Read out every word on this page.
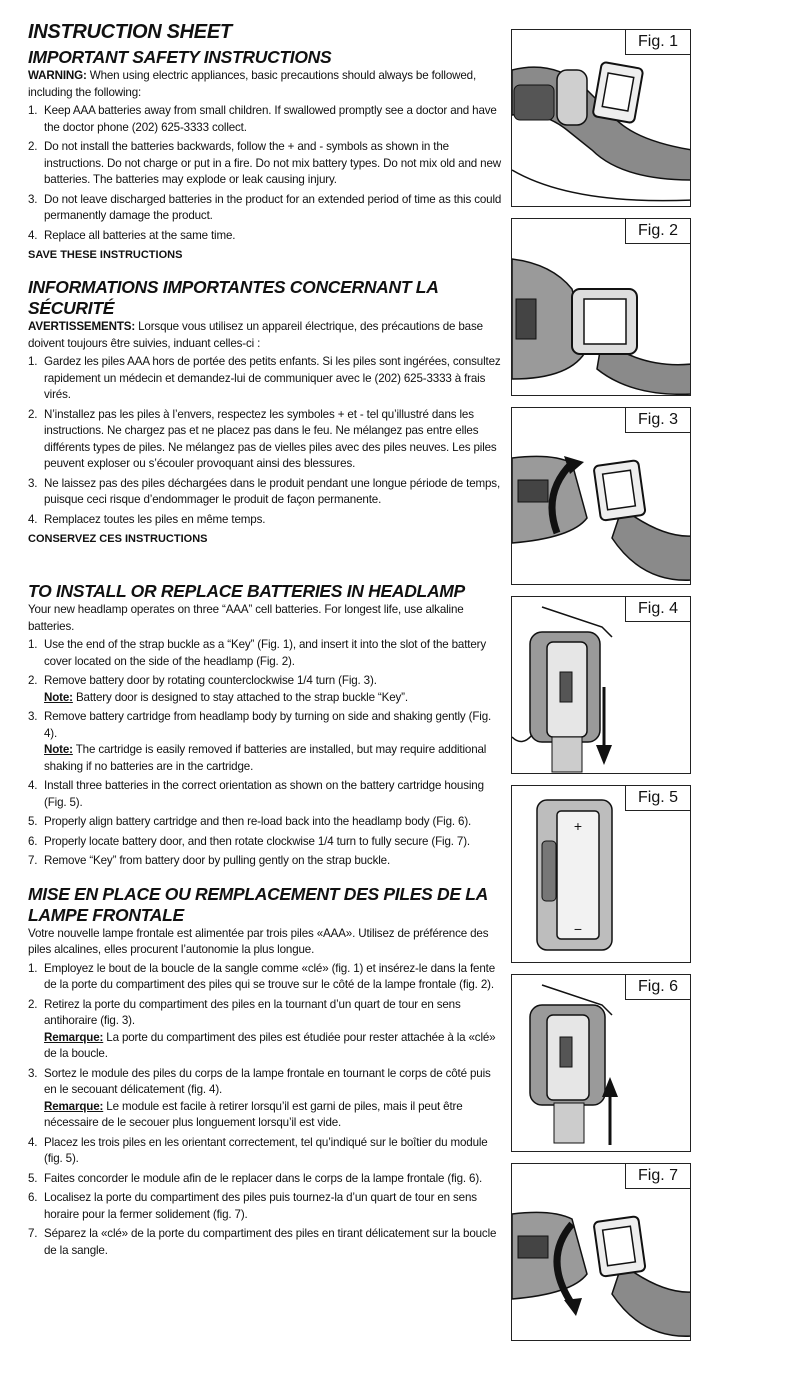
INSTRUCTION SHEET
IMPORTANT SAFETY INSTRUCTIONS

WARNING: When using electric appliances, basic precautions should always be followed, including the following:

1. Keep AAA batteries away from small children. If swallowed promptly see a doctor and have the doctor phone (202) 625-3333 collect.
2. Do not install the batteries backwards, follow the + and - symbols as shown in the instructions. Do not charge or put in a fire. Do not mix battery types. Do not mix old and new batteries. The batteries may explode or leak causing injury.
3. Do not leave discharged batteries in the product for an extended period of time as this could permanently damage the product.
4. Replace all batteries at the same time.
SAVE THESE INSTRUCTIONS
INFORMATIONS IMPORTANTES CONCERNANT LA SÉCURITÉ

AVERTISSEMENTS: Lorsque vous utilisez un appareil électrique, des précautions de base doivent toujours être suivies, induant celles-ci :

1. Gardez les piles AAA hors de portée des petits enfants. Si les piles sont ingérées, consultez rapidement un médecin et demandez-lui de communiquer avec le (202) 625-3333 à frais virés.
2. N’installez pas les piles à l’envers, respectez les symboles + et - tel qu’illustré dans les instructions. Ne chargez pas et ne placez pas dans le feu. Ne mélangez pas entre elles différents types de piles. Ne mélangez pas de vielles piles avec des piles neuves. Les piles peuvent exploser ou s’écouler provoquant ainsi des blessures.
3. Ne laissez pas des piles déchargées dans le produit pendant une longue période de temps, puisque ceci risque d’endommager le produit de façon permanente.
4. Remplacez toutes les piles en même temps.
CONSERVEZ CES INSTRUCTIONS
TO INSTALL OR REPLACE BATTERIES IN HEADLAMP

Your new headlamp operates on three “AAA” cell batteries. For longest life, use alkaline batteries.

1. Use the end of the strap buckle as a “Key” (Fig. 1), and insert it into the slot of the battery cover located on the side of the headlamp (Fig. 2).
2. Remove battery door by rotating counterclockwise 1/4 turn (Fig. 3).
Note: Battery door is designed to stay attached to the strap buckle “Key”.
3. Remove battery cartridge from headlamp body by turning on side and shaking gently (Fig. 4).
Note: The cartridge is easily removed if batteries are installed, but may require additional shaking if no batteries are in the cartridge.
4. Install three batteries in the correct orientation as shown on the battery cartridge housing (Fig. 5).
5. Properly align battery cartridge and then re-load back into the headlamp body (Fig. 6).
6. Properly locate battery door, and then rotate clockwise 1/4 turn to fully secure (Fig. 7).
7. Remove “Key” from battery door by pulling gently on the strap buckle.
MISE EN PLACE OU REMPLACEMENT DES PILES DE LA
LAMPE FRONTALE

Votre nouvelle lampe frontale est alimentée par trois piles «AAA». Utilisez de préférence des piles alcalines, elles procurent l’autonomie la plus longue.

1. Employez le bout de la boucle de la sangle comme «clé» (fig. 1) et insérez-le dans la fente de la porte du compartiment des piles qui se trouve sur le côté de la lampe frontale (fig. 2).
2. Retirez la porte du compartiment des piles en la tournant d’un quart de tour en sens antihoraire (fig. 3).
Remarque: La porte du compartiment des piles est étudiée pour rester attachée à la «clé» de la boucle.
3. Sortez le module des piles du corps de la lampe frontale en tournant le corps de côté puis en le secouant délicatement (fig. 4).
Remarque: Le module est facile à retirer lorsqu’il est garni de piles, mais il peut être nécessaire de le secouer plus longuement lorsqu’il est vide.
4. Placez les trois piles en les orientant correctement, tel qu’indiqué sur le boîtier du module (fig. 5).
5. Faites concorder le module afin de le replacer dans le corps de la lampe frontale (fig. 6).
6. Localisez la porte du compartiment des piles puis tournez-la d’un quart de tour en sens horaire pour la fermer solidement (fig. 7).
7. Séparez la «clé» de la porte du compartiment des piles en tirant délicatement sur la boucle de la sangle.
Fig. 1
Fig. 2
Fig. 3
Fig. 4
+
−
Fig. 5
Fig. 6
Fig. 7
